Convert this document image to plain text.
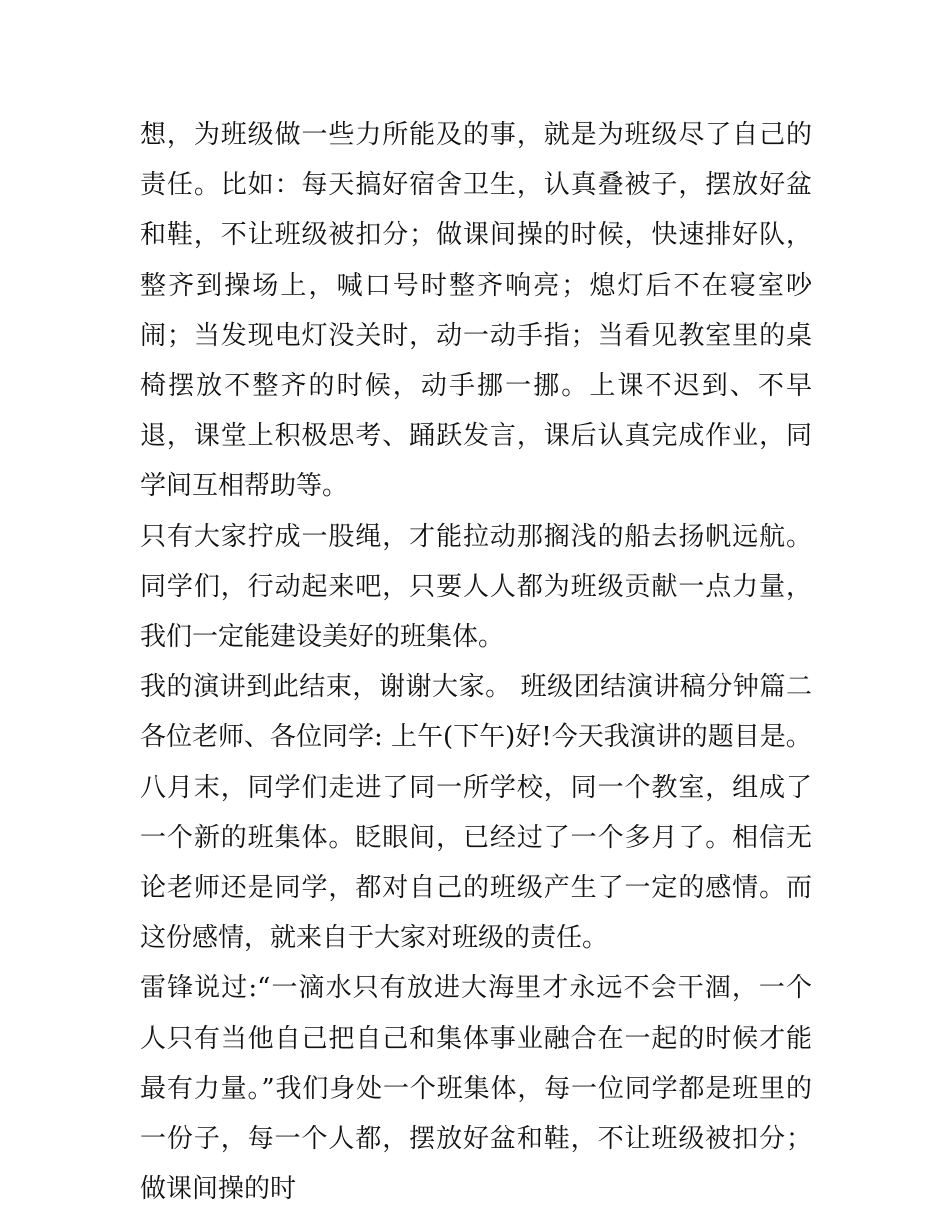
想，为班级做一些力所能及的事，就是为班级尽了自己的责任。比如：每天搞好宿舍卫生，认真叠被子，摆放好盆和鞋，不让班级被扣分；做课间操的时候，快速排好队，整齐到操场上，喊口号时整齐响亮；熄灯后不在寝室吵闹；当发现电灯没关时，动一动手指；当看见教室里的桌椅摆放不整齐的时候，动手挪一挪。上课不迟到、不早退，课堂上积极思考、踊跃发言，课后认真完成作业，同学间互相帮助等。

只有大家拧成一股绳，才能拉动那搁浅的船去扬帆远航。同学们，行动起来吧，只要人人都为班级贡献一点力量，我们一定能建设美好的班集体。

我的演讲到此结束，谢谢大家。 班级团结演讲稿分钟篇二 各位老师、各位同学: 上午(下午)好!今天我演讲的题目是。

八月末，同学们走进了同一所学校，同一个教室，组成了一个新的班集体。眨眼间，已经过了一个多月了。相信无论老师还是同学，都对自己的班级产生了一定的感情。而这份感情，就来自于大家对班级的责任。

雷锋说过:“一滴水只有放进大海里才永远不会干涸，一个人只有当他自己把自己和集体事业融合在一起的时候才能最有力量。”我们身处一个班集体，每一位同学都是班里的一份子，每一个人都，摆放好盆和鞋，不让班级被扣分；做课间操的时
